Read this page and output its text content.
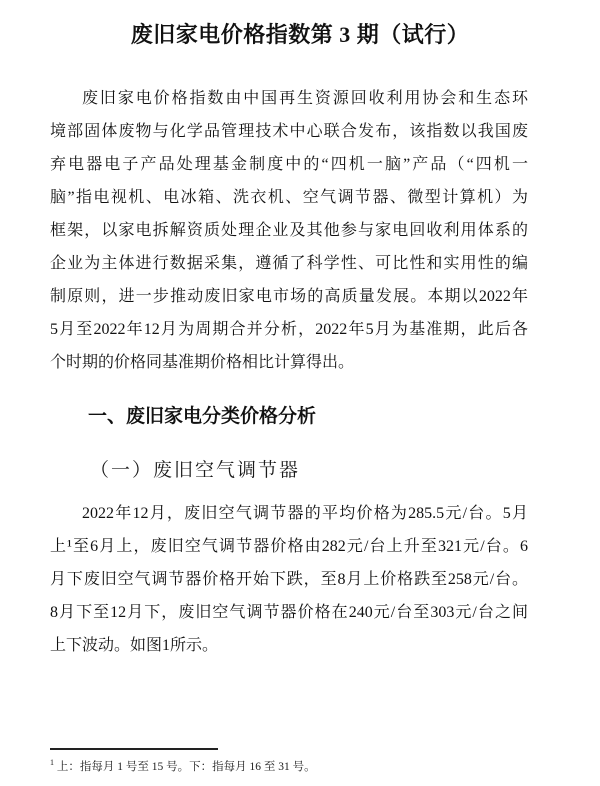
废旧家电价格指数第 3 期（试行）
废旧家电价格指数由中国再生资源回收利用协会和生态环
境部固体废物与化学品管理技术中心联合发布，该指数以我国废
弃电器电子产品处理基金制度中的“四机一脑”产品（“四机一
脑”指电视机、电冰箱、洗衣机、空气调节器、微型计算机）为
框架，以家电拆解资质处理企业及其他参与家电回收利用体系的
企业为主体进行数据采集，遵循了科学性、可比性和实用性的编
制原则，进一步推动废旧家电市场的高质量发展。本期以2022年
5月至2022年12月为周期合并分析，2022年5月为基准期，此后各
个时期的价格同基准期价格相比计算得出。
一、废旧家电分类价格分析
（一）废旧空气调节器
2022年12月，废旧空气调节器的平均价格为285.5元/台。5月
上¹至6月上，废旧空气调节器价格由282元/台上升至321元/台。6
月下废旧空气调节器价格开始下跌，至8月上价格跌至258元/台。
8月下至12月下，废旧空气调节器价格在240元/台至303元/台之间
上下波动。如图1所示。
$^1$ 上：指每月 1 号至 15 号。下：指每月 16 至 31 号。
